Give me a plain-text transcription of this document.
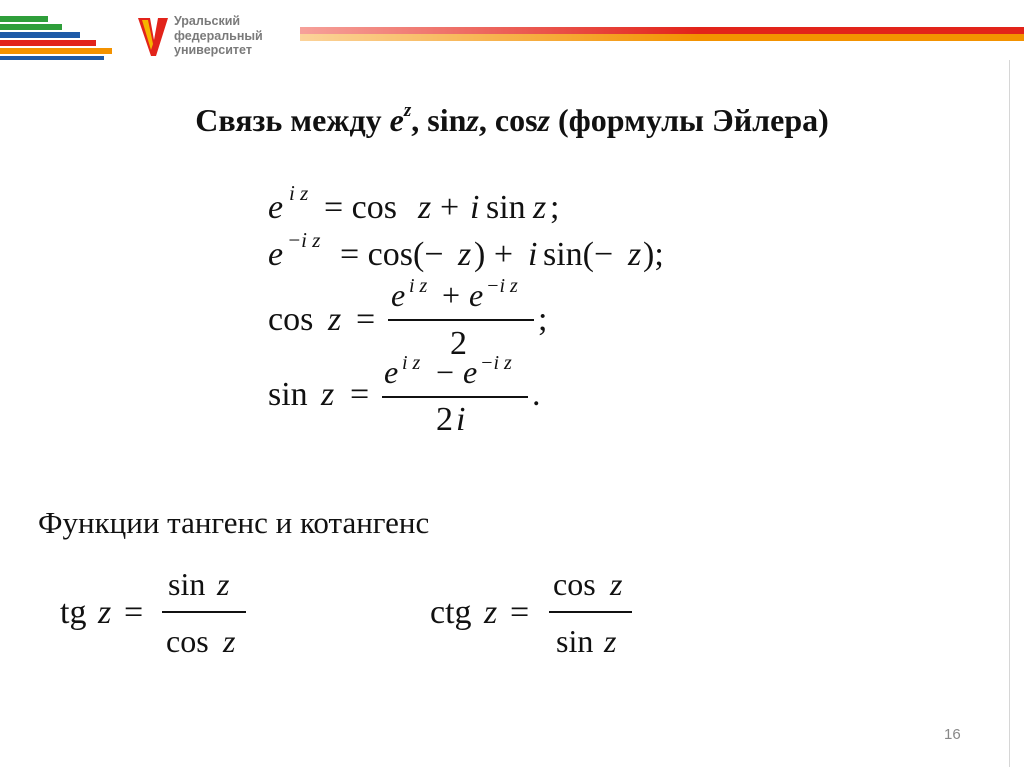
Уральский
федеральный
университет
Связь между $e^z$, sinz, cosz (формулы Эйлера)
e i z = cos z + i sin z ;
e −i z = cos(− z ) + i sin(− z );
cos z =
e i z + e −i z
2
;
sin z =
e i z − e −i z
2 i
.
tg z =
sin z
cos z
ctg z =
cos z
sin z
Функции тангенс и котангенс
16
